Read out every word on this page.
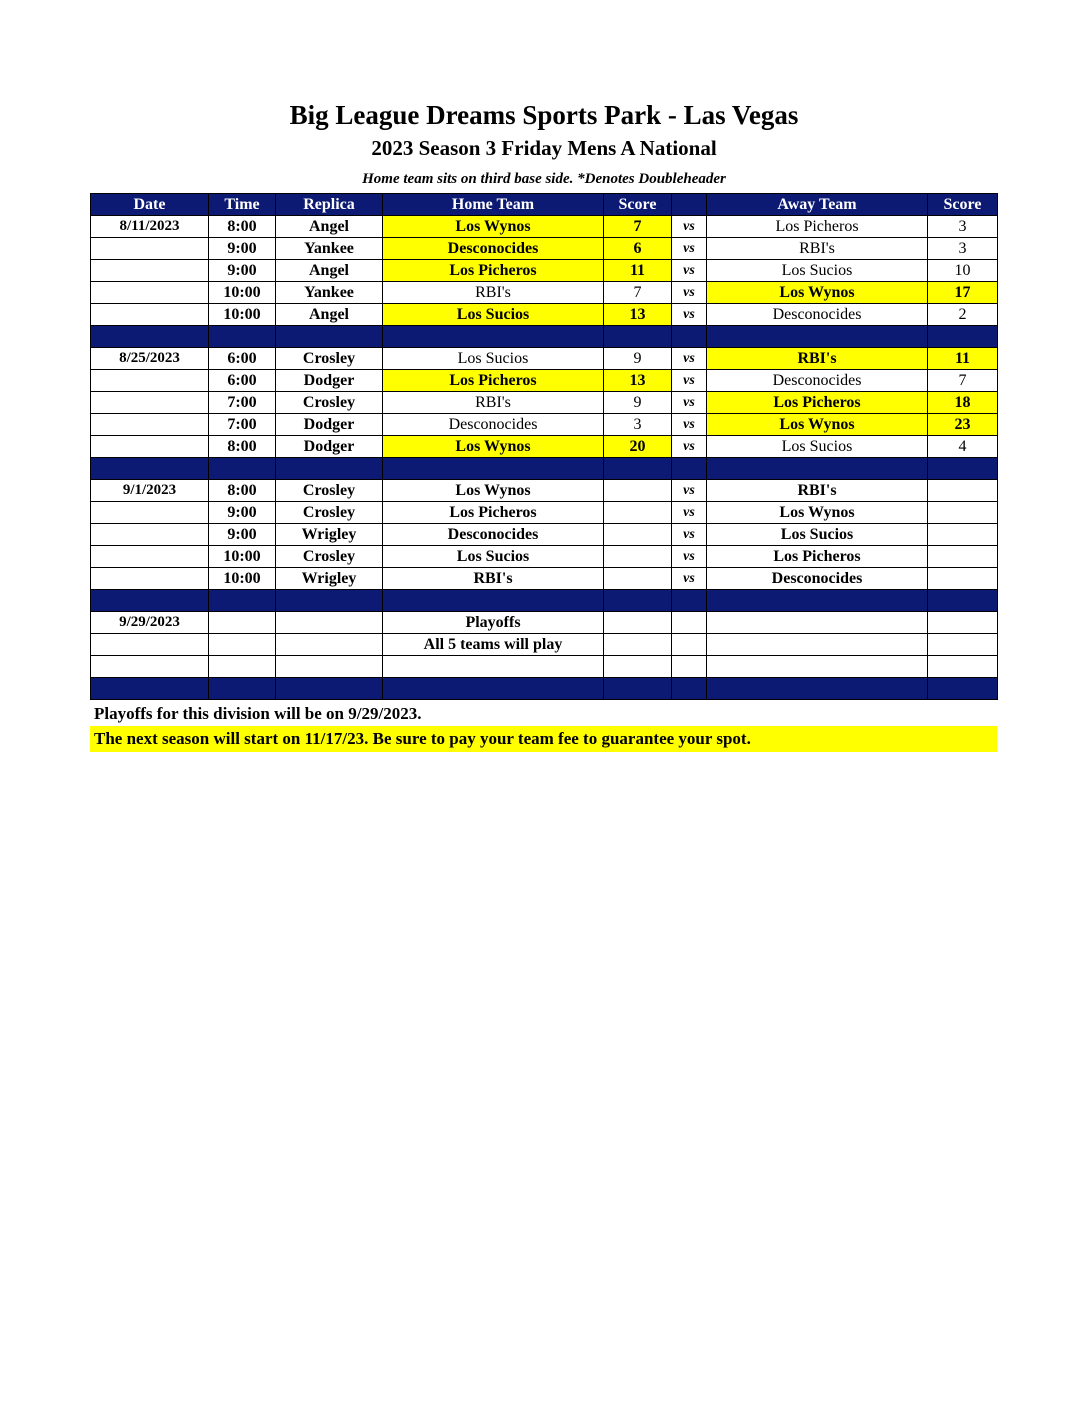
Big League Dreams Sports Park - Las Vegas
2023 Season 3 Friday Mens A National
Home team sits on third base side. *Denotes Doubleheader
Date	Time	Replica	Home Team	Score		Away Team	Score
8/11/2023	8:00	Angel	Los Wynos	7	vs	Los Picheros	3
	9:00	Yankee	Desconocides	6	vs	RBI's	3
	9:00	Angel	Los Picheros	11	vs	Los Sucios	10
	10:00	Yankee	RBI's	7	vs	Los Wynos	17
	10:00	Angel	Los Sucios	13	vs	Desconocides	2

8/25/2023	6:00	Crosley	Los Sucios	9	vs	RBI's	11
	6:00	Dodger	Los Picheros	13	vs	Desconocides	7
	7:00	Crosley	RBI's	9	vs	Los Picheros	18
	7:00	Dodger	Desconocides	3	vs	Los Wynos	23
	8:00	Dodger	Los Wynos	20	vs	Los Sucios	4

9/1/2023	8:00	Crosley	Los Wynos		vs	RBI's	
	9:00	Crosley	Los Picheros		vs	Los Wynos	
	9:00	Wrigley	Desconocides		vs	Los Sucios	
	10:00	Crosley	Los Sucios		vs	Los Picheros	
	10:00	Wrigley	RBI's		vs	Desconocides	

9/29/2023			Playoffs				
			All 5 teams will play				

Playoffs for this division will be on 9/29/2023.
The next season will start on 11/17/23. Be sure to pay your team fee to guarantee your spot.
